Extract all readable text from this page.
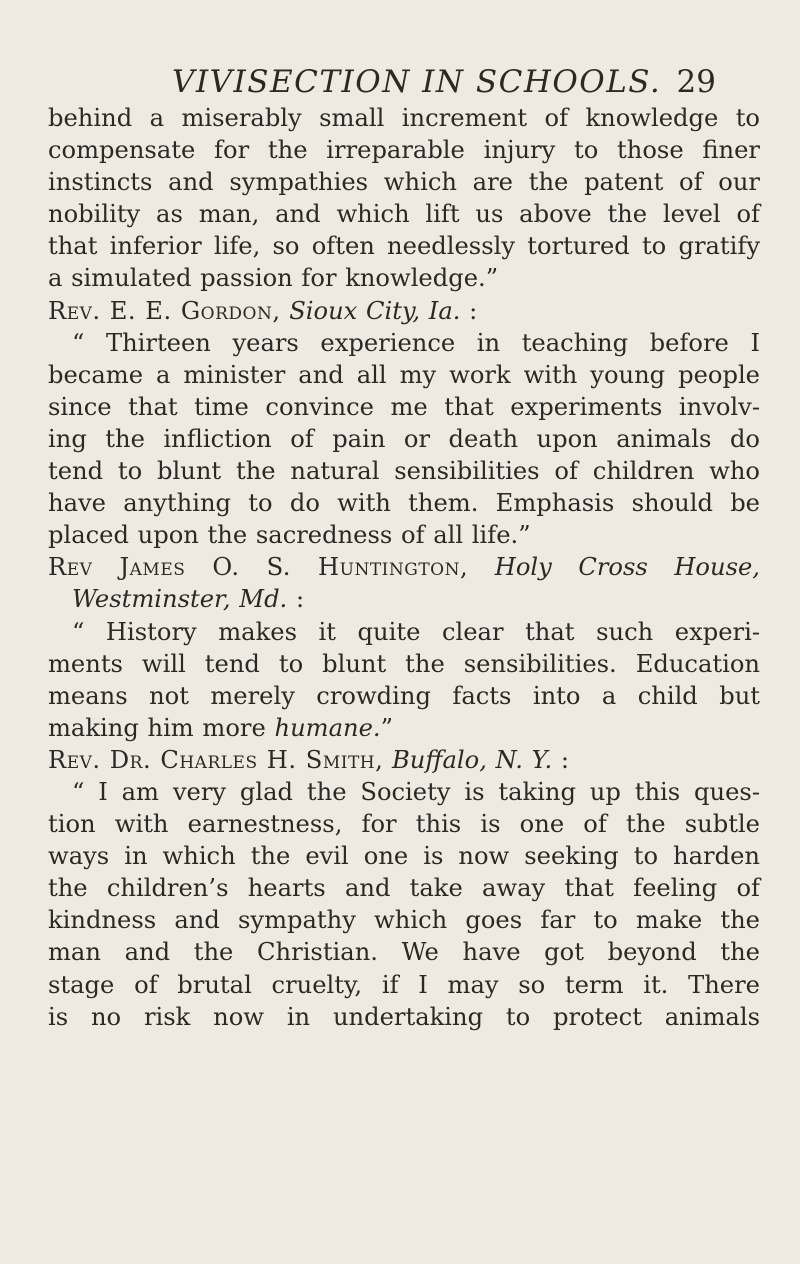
VIVISECTION IN SCHOOLS. 29
behind a miserably small increment of knowledge to
compensate for the irreparable injury to those finer
instincts and sympathies which are the patent of our
nobility as man, and which lift us above the level of
that inferior life, so often needlessly tortured to gratify
a simulated passion for knowledge.”
Rev. E. E. Gordon, Sioux City, Ia. :
“ Thirteen years experience in teaching before I
became a minister and all my work with young people
since that time convince me that experiments involv-
ing the infliction of pain or death upon animals do
tend to blunt the natural sensibilities of children who
have anything to do with them. Emphasis should be
placed upon the sacredness of all life.”
Rev James O. S. Huntington, Holy Cross House,
Westminster, Md. :
“ History makes it quite clear that such experi-
ments will tend to blunt the sensibilities. Education
means not merely crowding facts into a child but
making him more humane.”
Rev. Dr. Charles H. Smith, Buffalo, N. Y. :
“ I am very glad the Society is taking up this ques-
tion with earnestness, for this is one of the subtle
ways in which the evil one is now seeking to harden
the children’s hearts and take away that feeling of
kindness and sympathy which goes far to make the
man and the Christian. We have got beyond the
stage of brutal cruelty, if I may so term it. There
is no risk now in undertaking to protect animals
